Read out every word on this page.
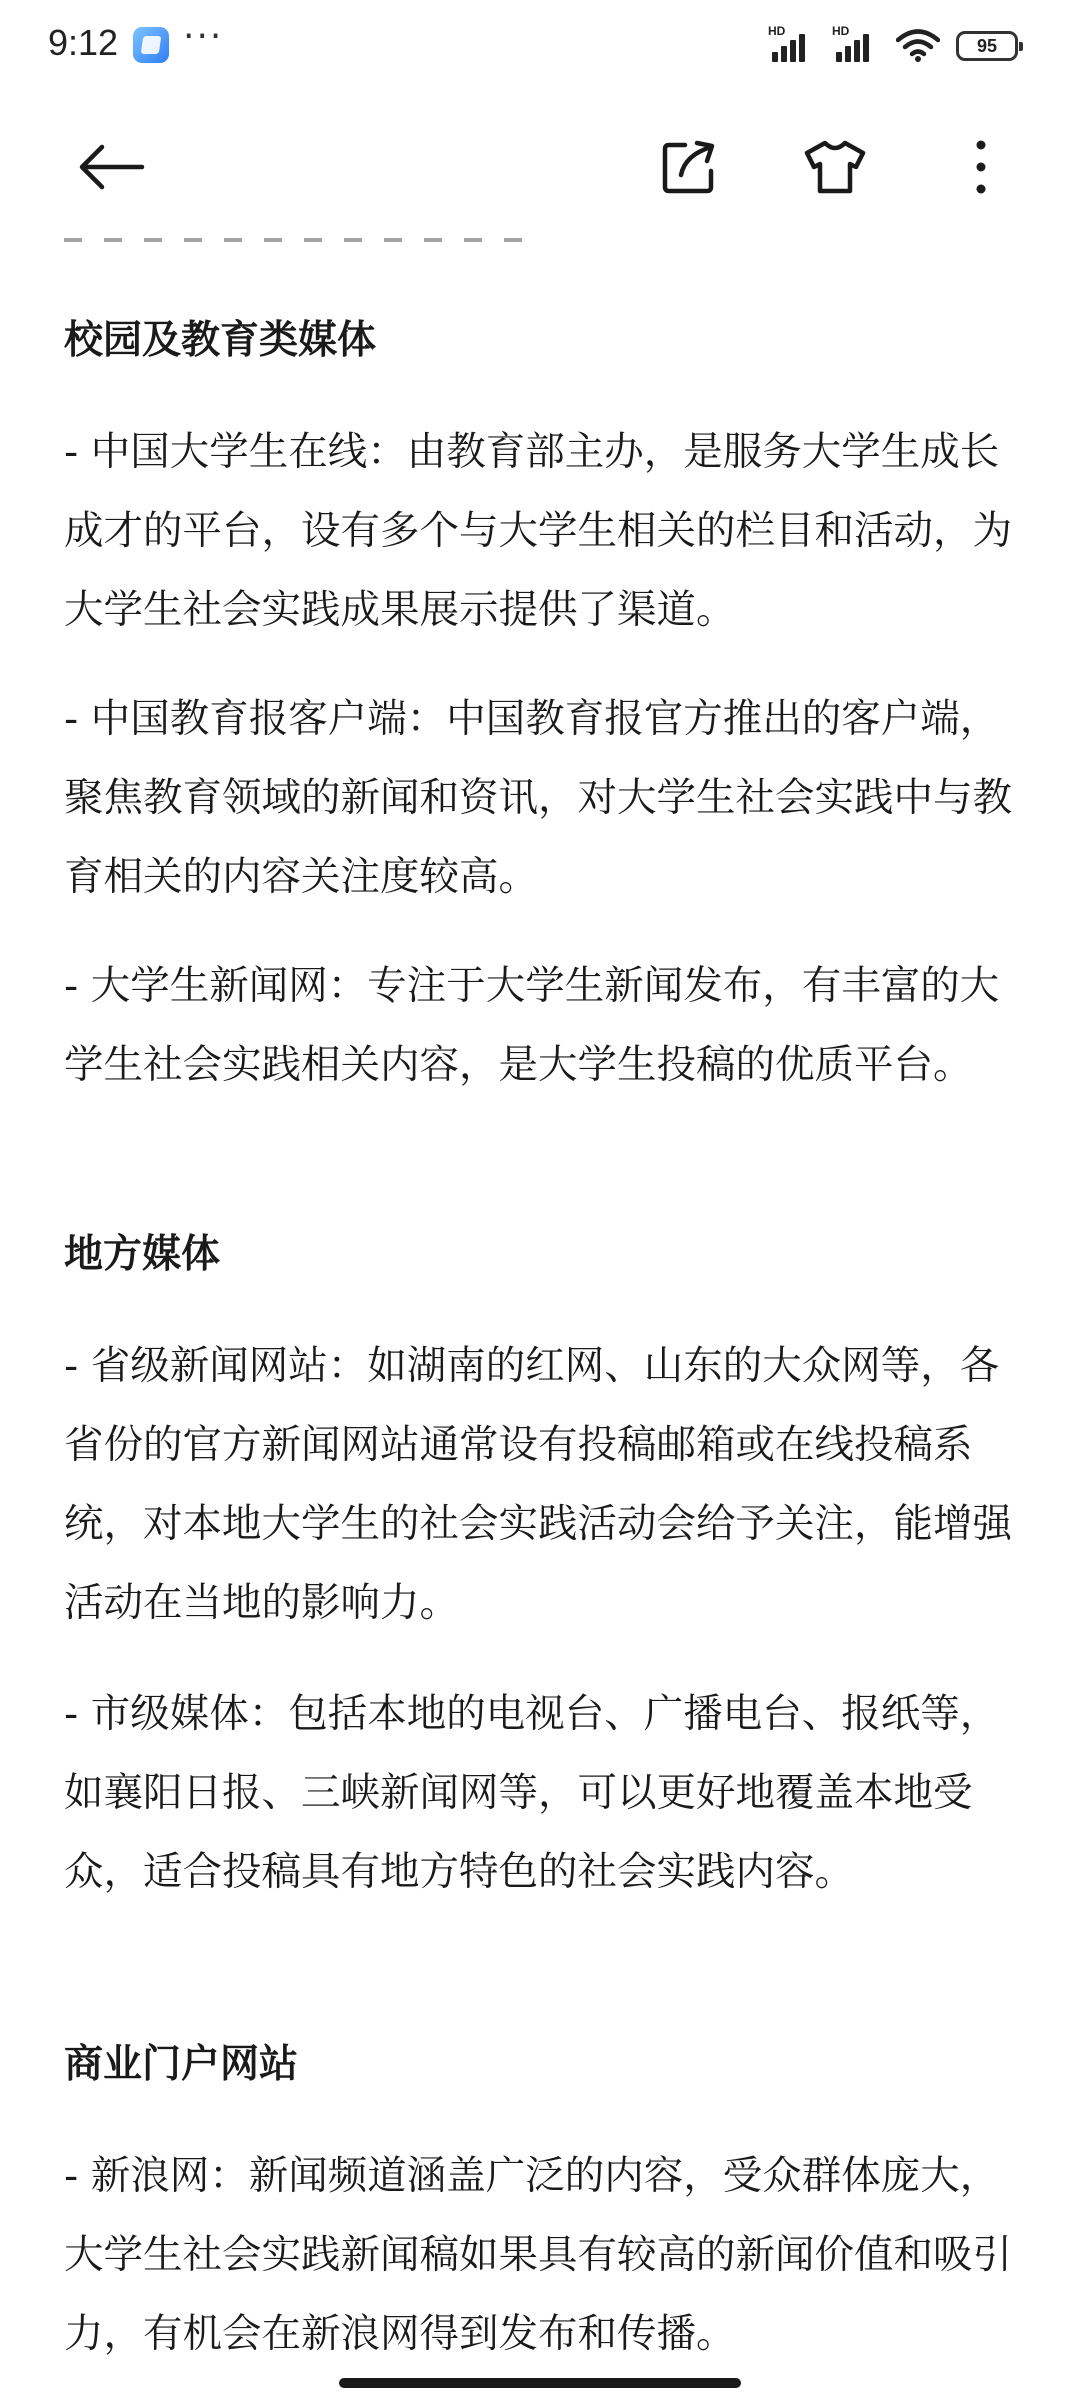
9:12 ···	HD	HD
95
校园及教育类媒体
- 中国大学生在线：由教育部主办，是服务大学生成长成才的平台，设有多个与大学生相关的栏目和活动，为大学生社会实践成果展示提供了渠道。
- 中国教育报客户端：中国教育报官方推出的客户端，聚焦教育领域的新闻和资讯，对大学生社会实践中与教育相关的内容关注度较高。
- 大学生新闻网：专注于大学生新闻发布，有丰富的大学生社会实践相关内容，是大学生投稿的优质平台。
地方媒体
- 省级新闻网站：如湖南的红网、山东的大众网等，各省份的官方新闻网站通常设有投稿邮箱或在线投稿系统，对本地大学生的社会实践活动会给予关注，能增强活动在当地的影响力。
- 市级媒体：包括本地的电视台、广播电台、报纸等，如襄阳日报、三峡新闻网等，可以更好地覆盖本地受众，适合投稿具有地方特色的社会实践内容。
商业门户网站
- 新浪网：新闻频道涵盖广泛的内容，受众群体庞大，大学生社会实践新闻稿如果具有较高的新闻价值和吸引力，有机会在新浪网得到发布和传播。
